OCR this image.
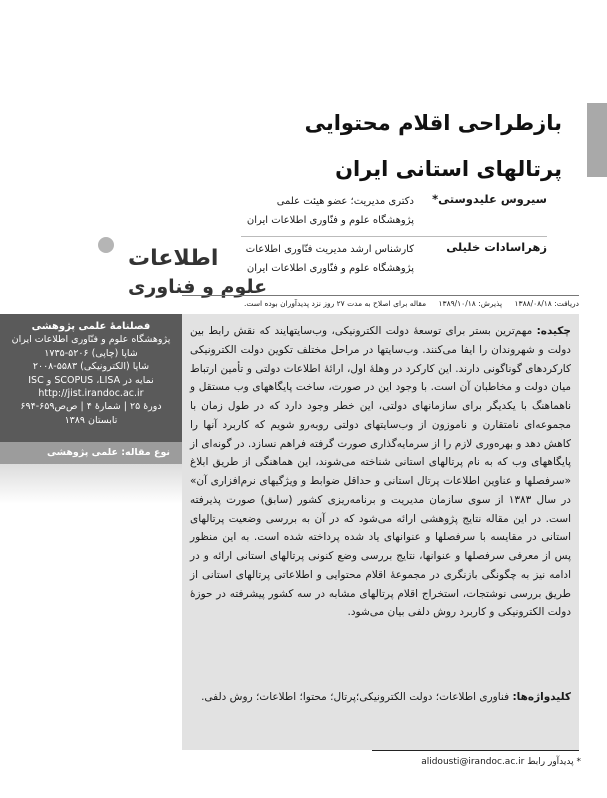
بازطراحی اقلام محتوایی
پرتالهای استانی ایران
سیروس علیدوستی*
دکتری مدیریت؛ عضو هیئت علمی
پژوهشگاه علوم و فنّاوری اطلاعات ایران
زهراسادات خلیلی
کارشناس ارشد مدیریت فنّاوری اطلاعات
پژوهشگاه علوم و فنّاوری اطلاعات ایران
اطلاعات
علوم و فناوری
دریافت: ۱۳۸۸/۰۸/۱۸ پذیرش: ۱۳۸۹/۱۰/۱۸ مقاله برای اصلاح به مدت ۲۷ روز نزد پدیدآوران بوده است.
فصلنامهٔ علمی پژوهشی
پژوهشگاه علوم و فنّاوری اطلاعات ایران
شاپا (چاپی) ۵۲۰۶-۱۷۳۵
شاپا (الکترونیکی) ۵۵۸۳-۲۰۰۸
نمایه در SCOPUS ،LISA و ISC
http://jist.irandoc.ac.ir
دورهٔ ۲۵ | شمارهٔ ۴ | ص‌ص۶۵۹-۶۹۴
تابستان ۱۳۸۹
نوع مقاله: علمی پژوهشی

چکیده: مهم‌ترین بستر برای توسعهٔ دولت الکترونیکی، وب‌سایتهایند که نقش رابط بین دولت و شهروندان را ایفا می‌کنند. وب‌سایتها در مراحل مختلف تکوین دولت الکترونیکی کارکردهای گوناگونی دارند. این کارکرد در وهلهٔ اول، ارائهٔ اطلاعات دولتی و تأمین ارتباط میان دولت و مخاطبان آن است. با وجود این در صورت، ساخت پایگاههای وب مستقل و ناهماهنگ با یکدیگر برای سازمانهای دولتی، این خطر وجود دارد که در طول زمان با مجموعه‌ای نامتقارن و ناموزون از وب‌سایتهای دولتی روبه‌رو شویم که کاربرد آنها را کاهش دهد و بهره‌وری لازم را از سرمایه‌گذاری صورت گرفته فراهم نسازد. در گونه‌ای از پایگاههای وب که به نام پرتالهای استانی شناخته می‌شوند، این هماهنگی از طریق ابلاغ «سرفصلها و عناوین اطلاعات پرتال استانی و حداقل ضوابط و ویژگیهای نرم‌افزاری آن» در سال ۱۳۸۳ از سوی سازمان مدیریت و برنامه‌ریزی کشور (سابق) صورت پذیرفته است. در این مقاله نتایج پژوهشی ارائه می‌شود که در آن به بررسی وضعیت پرتالهای استانی در مقایسه با سرفصلها و عنوانهای یاد شده پرداخته شده است. به این منظور پس از معرفی سرفصلها و عنوانها، نتایج بررسی وضع کنونی پرتالهای استانی ارائه و در ادامه نیز به چگونگی بازنگری در مجموعهٔ اقلام محتوایی و اطلاعاتی پرتالهای استانی از طریق بررسی نوشتجات، استخراج اقلام پرتالهای مشابه در سه کشور پیشرفته در حوزهٔ دولت الکترونیکی و کاربرد روش دلفی بیان می‌شود.

کلیدواژه‌ها: فناوری اطلاعات؛ دولت الکترونیکی؛پرتال؛ محتوا؛ اطلاعات؛ روش دلفی.

* پدیدآور رابط alidousti@irandoc.ac.ir
